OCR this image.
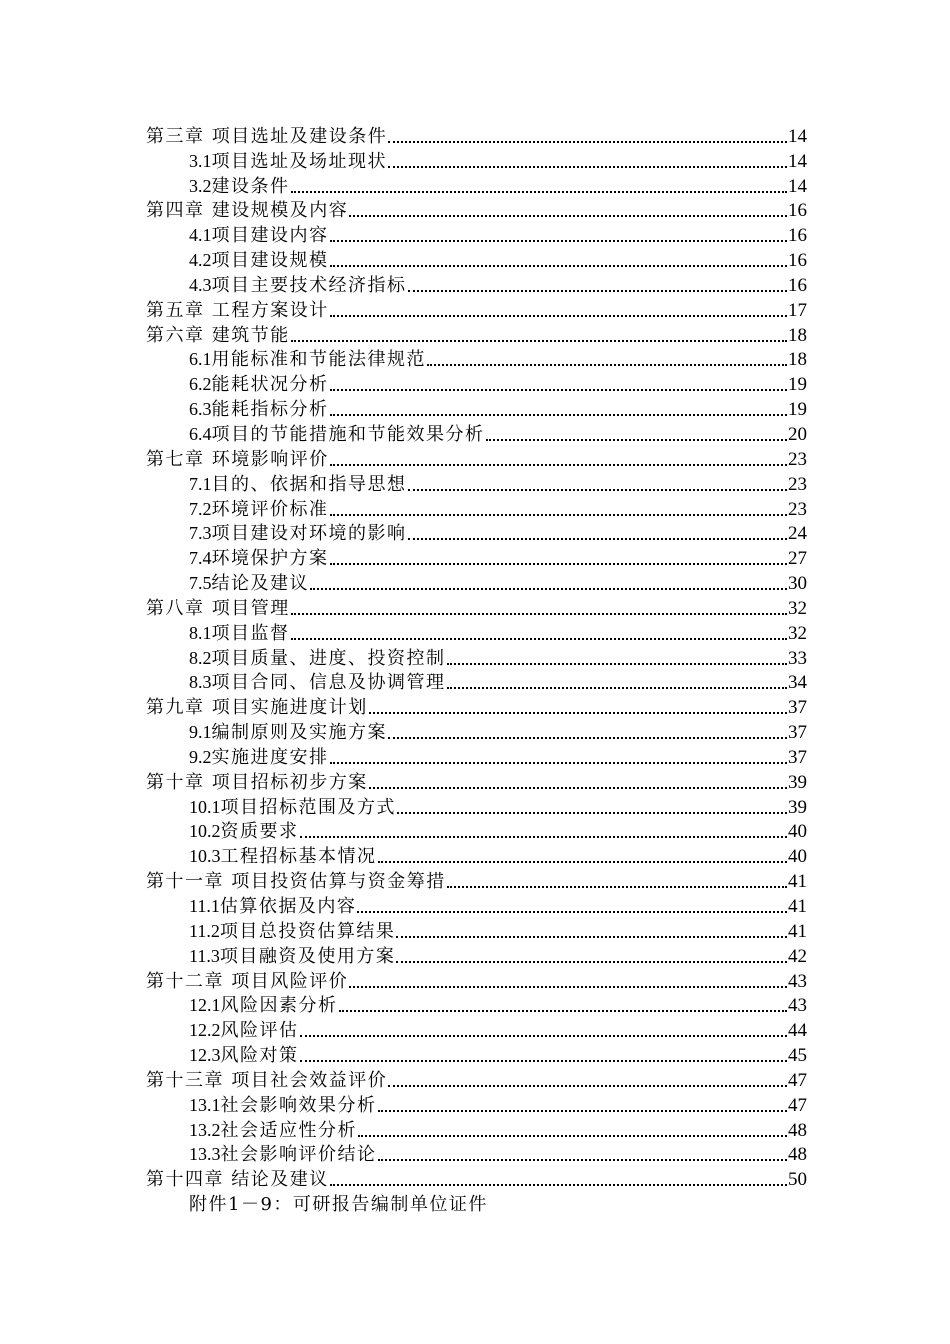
第三章 项目选址及建设条件	14
3.1项目选址及场址现状	14
3.2建设条件	14
第四章 建设规模及内容	16
4.1项目建设内容	16
4.2项目建设规模	16
4.3项目主要技术经济指标	16
第五章 工程方案设计	17
第六章 建筑节能	18
6.1用能标准和节能法律规范	18
6.2能耗状况分析	19
6.3能耗指标分析	19
6.4项目的节能措施和节能效果分析	20
第七章 环境影响评价	23
7.1目的、依据和指导思想	23
7.2环境评价标准	23
7.3项目建设对环境的影响	24
7.4环境保护方案	27
7.5结论及建议	30
第八章 项目管理	32
8.1项目监督	32
8.2项目质量、进度、投资控制	33
8.3项目合同、信息及协调管理	34
第九章 项目实施进度计划	37
9.1编制原则及实施方案	37
9.2实施进度安排	37
第十章 项目招标初步方案	39
10.1项目招标范围及方式	39
10.2资质要求	40
10.3工程招标基本情况	40
第十一章 项目投资估算与资金筹措	41
11.1估算依据及内容	41
11.2项目总投资估算结果	41
11.3项目融资及使用方案	42
第十二章 项目风险评价	43
12.1风险因素分析	43
12.2风险评估	44
12.3风险对策	45
第十三章 项目社会效益评价	47
13.1社会影响效果分析	47
13.2社会适应性分析	48
13.3社会影响评价结论	48
第十四章 结论及建议	50
附件1－9：可研报告编制单位证件
